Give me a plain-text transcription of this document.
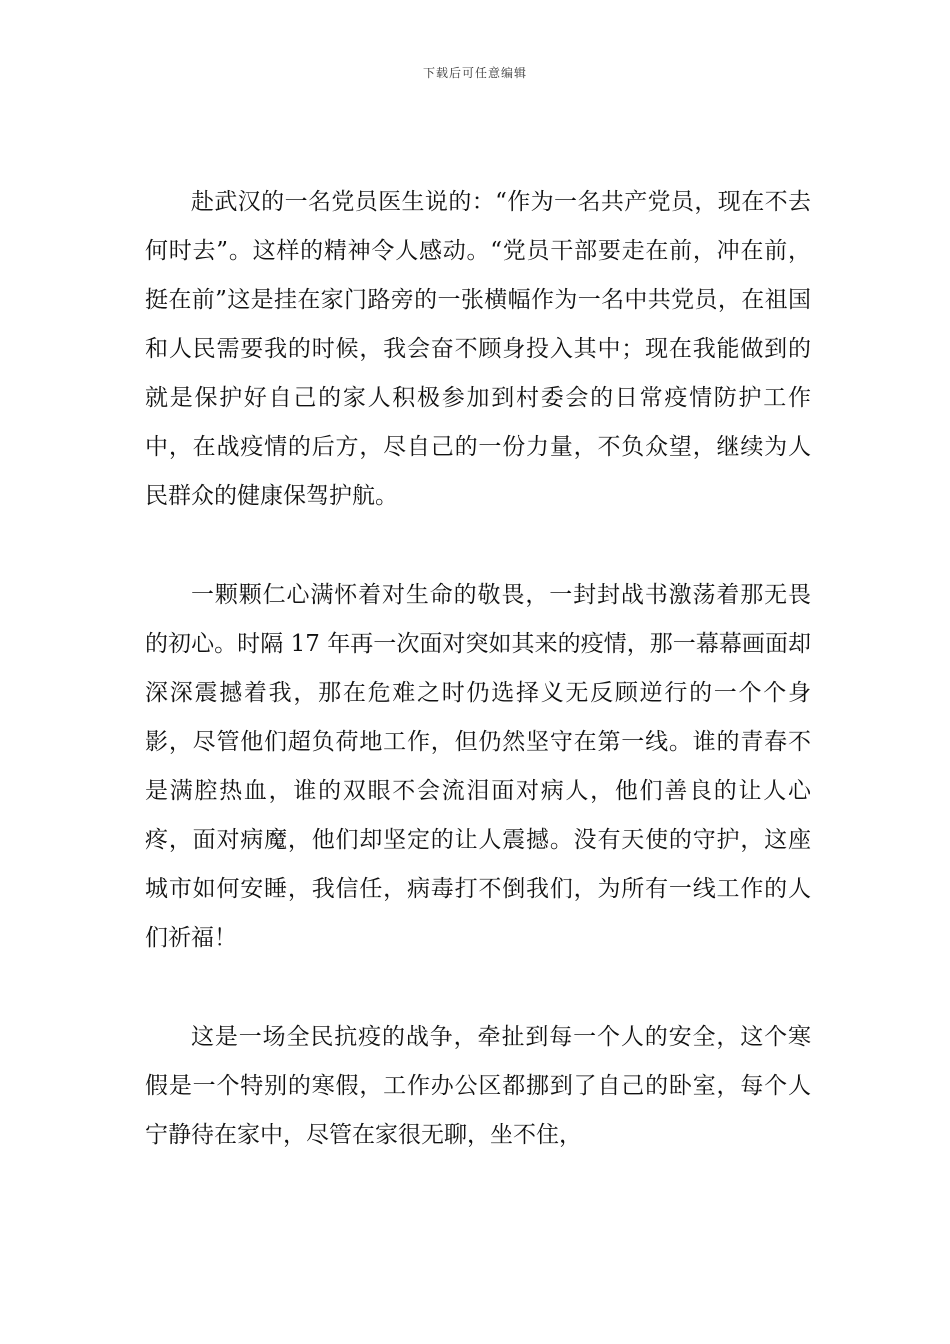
下载后可任意编辑

赴武汉的一名党员医生说的：“作为一名共产党员，现在不去何时去”。这样的精神令人感动。“党员干部要走在前，冲在前，挺在前”这是挂在家门路旁的一张横幅作为一名中共党员，在祖国和人民需要我的时候，我会奋不顾身投入其中；现在我能做到的就是保护好自己的家人积极参加到村委会的日常疫情防护工作中，在战疫情的后方，尽自己的一份力量，不负众望，继续为人民群众的健康保驾护航。

一颗颗仁心满怀着对生命的敬畏，一封封战书激荡着那无畏的初心。时隔 17 年再一次面对突如其来的疫情，那一幕幕画面却深深震撼着我，那在危难之时仍选择义无反顾逆行的一个个身影，尽管他们超负荷地工作，但仍然坚守在第一线。谁的青春不是满腔热血，谁的双眼不会流泪面对病人，他们善良的让人心疼，面对病魔，他们却坚定的让人震撼。没有天使的守护，这座城市如何安睡，我信任，病毒打不倒我们，为所有一线工作的人们祈福！

这是一场全民抗疫的战争，牵扯到每一个人的安全，这个寒假是一个特别的寒假，工作办公区都挪到了自己的卧室，每个人宁静待在家中，尽管在家很无聊，坐不住，
